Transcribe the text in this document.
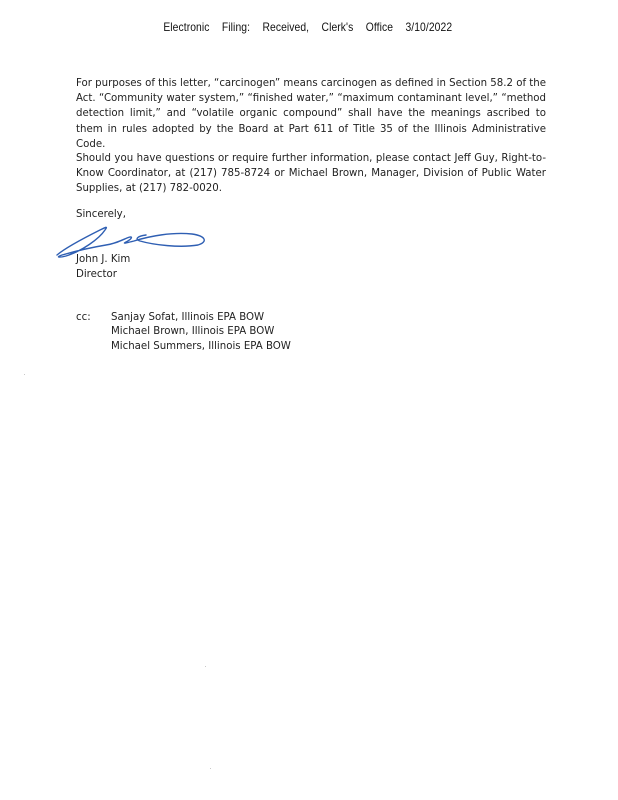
Electronic Filing: Received, Clerk's Office 3/10/2022
For purposes of this letter, “carcinogen” means carcinogen as defined in Section 58.2 of the Act. “Community water system,” “finished water,” “maximum contaminant level,” “method detection limit,” and “volatile organic compound” shall have the meanings ascribed to them in rules adopted by the Board at Part 611 of Title 35 of the Illinois Administrative Code.
Should you have questions or require further information, please contact Jeff Guy, Right-to-Know Coordinator, at (217) 785-8724 or Michael Brown, Manager, Division of Public Water Supplies, at (217) 782-0020.
Sincerely,
John J. Kim
Director
cc: Sanjay Sofat, Illinois EPA BOW
Michael Brown, Illinois EPA BOW
Michael Summers, Illinois EPA BOW
